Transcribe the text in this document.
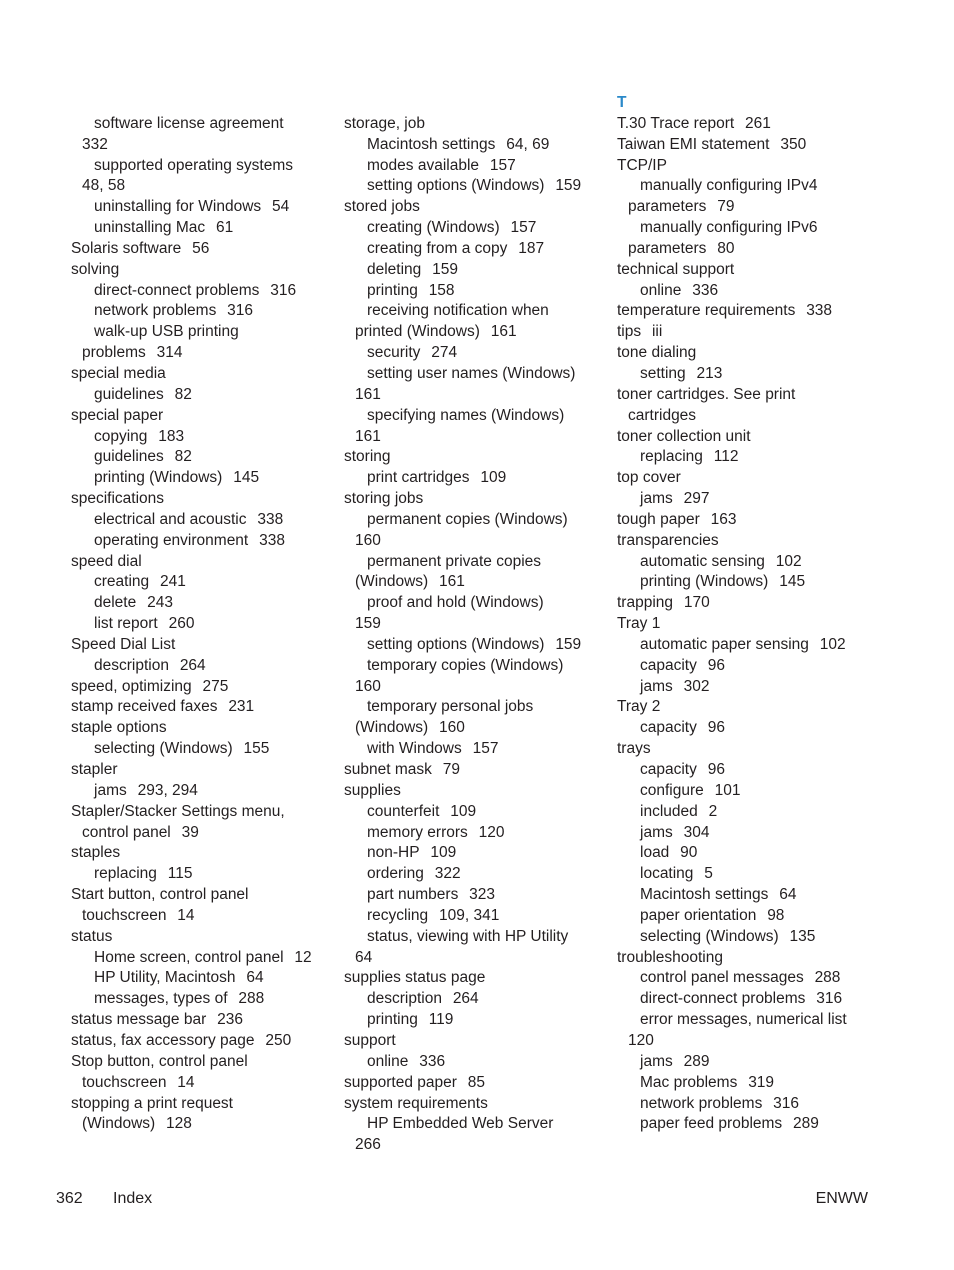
software license agreement
332
supported operating systems
48, 58
uninstalling for Windows 54
uninstalling Mac 61
Solaris software 56
solving
direct-connect problems 316
network problems 316
walk-up USB printing
problems 314
special media
guidelines 82
special paper
copying 183
guidelines 82
printing (Windows) 145
specifications
electrical and acoustic 338
operating environment 338
speed dial
creating 241
delete 243
list report 260
Speed Dial List
description 264
speed, optimizing 275
stamp received faxes 231
staple options
selecting (Windows) 155
stapler
jams 293, 294
Stapler/Stacker Settings menu,
control panel 39
staples
replacing 115
Start button, control panel
touchscreen 14
status
Home screen, control panel 12
HP Utility, Macintosh 64
messages, types of 288
status message bar 236
status, fax accessory page 250
Stop button, control panel
touchscreen 14
stopping a print request
(Windows) 128
storage, job
Macintosh settings 64, 69
modes available 157
setting options (Windows) 159
stored jobs
creating (Windows) 157
creating from a copy 187
deleting 159
printing 158
receiving notification when
printed (Windows) 161
security 274
setting user names (Windows)
161
specifying names (Windows)
161
storing
print cartridges 109
storing jobs
permanent copies (Windows)
160
permanent private copies
(Windows) 161
proof and hold (Windows)
159
setting options (Windows) 159
temporary copies (Windows)
160
temporary personal jobs
(Windows) 160
with Windows 157
subnet mask 79
supplies
counterfeit 109
memory errors 120
non-HP 109
ordering 322
part numbers 323
recycling 109, 341
status, viewing with HP Utility
64
supplies status page
description 264
printing 119
support
online 336
supported paper 85
system requirements
HP Embedded Web Server
266
T
T.30 Trace report 261
Taiwan EMI statement 350
TCP/IP
manually configuring IPv4
parameters 79
manually configuring IPv6
parameters 80
technical support
online 336
temperature requirements 338
tips iii
tone dialing
setting 213
toner cartridges. See print
cartridges
toner collection unit
replacing 112
top cover
jams 297
tough paper 163
transparencies
automatic sensing 102
printing (Windows) 145
trapping 170
Tray 1
automatic paper sensing 102
capacity 96
jams 302
Tray 2
capacity 96
trays
capacity 96
configure 101
included 2
jams 304
load 90
locating 5
Macintosh settings 64
paper orientation 98
selecting (Windows) 135
troubleshooting
control panel messages 288
direct-connect problems 316
error messages, numerical list
120
jams 289
Mac problems 319
network problems 316
paper feed problems 289
362 Index	ENWW
